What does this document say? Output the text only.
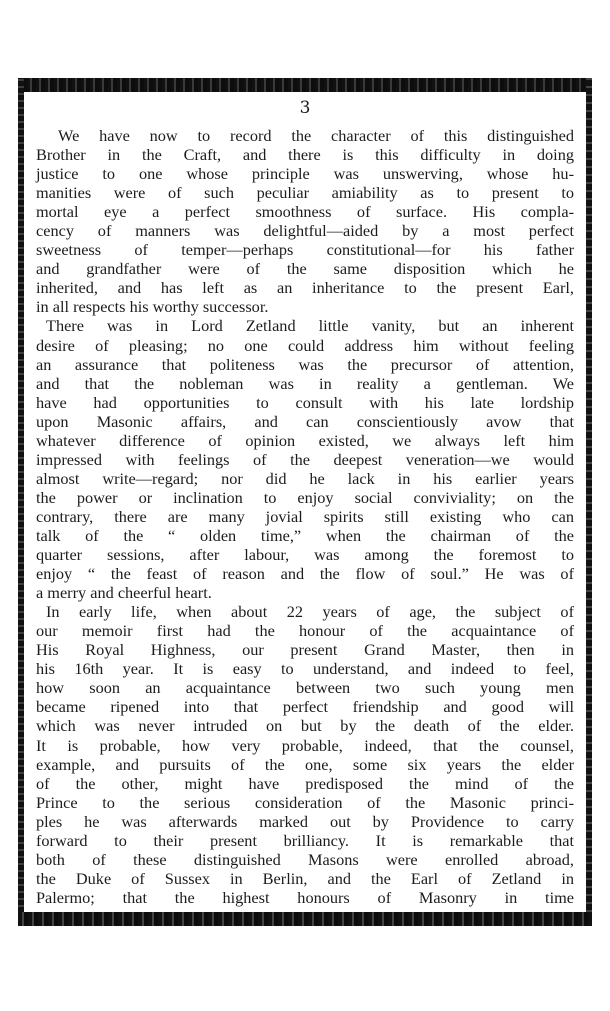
3
We have now to record the character of this distinguished
Brother in the Craft, and there is this difficulty in doing
justice to one whose principle was unswerving, whose hu-
manities were of such peculiar amiability as to present to
mortal eye a perfect smoothness of surface. His compla-
cency of manners was delightful—aided by a most perfect
sweetness of temper—perhaps constitutional—for his father
and grandfather were of the same disposition which he
inherited, and has left as an inheritance to the present Earl,
in all respects his worthy successor.
There was in Lord Zetland little vanity, but an inherent
desire of pleasing; no one could address him without feeling
an assurance that politeness was the precursor of attention,
and that the nobleman was in reality a gentleman. We
have had opportunities to consult with his late lordship
upon Masonic affairs, and can conscientiously avow that
whatever difference of opinion existed, we always left him
impressed with feelings of the deepest veneration—we would
almost write—regard; nor did he lack in his earlier years
the power or inclination to enjoy social conviviality; on the
contrary, there are many jovial spirits still existing who can
talk of the “ olden time,” when the chairman of the
quarter sessions, after labour, was among the foremost to
enjoy “ the feast of reason and the flow of soul.” He was of
a merry and cheerful heart.
In early life, when about 22 years of age, the subject of
our memoir first had the honour of the acquaintance of
His Royal Highness, our present Grand Master, then in
his 16th year. It is easy to understand, and indeed to feel,
how soon an acquaintance between two such young men
became ripened into that perfect friendship and good will
which was never intruded on but by the death of the elder.
It is probable, how very probable, indeed, that the counsel,
example, and pursuits of the one, some six years the elder
of the other, might have predisposed the mind of the
Prince to the serious consideration of the Masonic princi-
ples he was afterwards marked out by Providence to carry
forward to their present brilliancy. It is remarkable that
both of these distinguished Masons were enrolled abroad,
the Duke of Sussex in Berlin, and the Earl of Zetland in
Palermo; that the highest honours of Masonry in time
